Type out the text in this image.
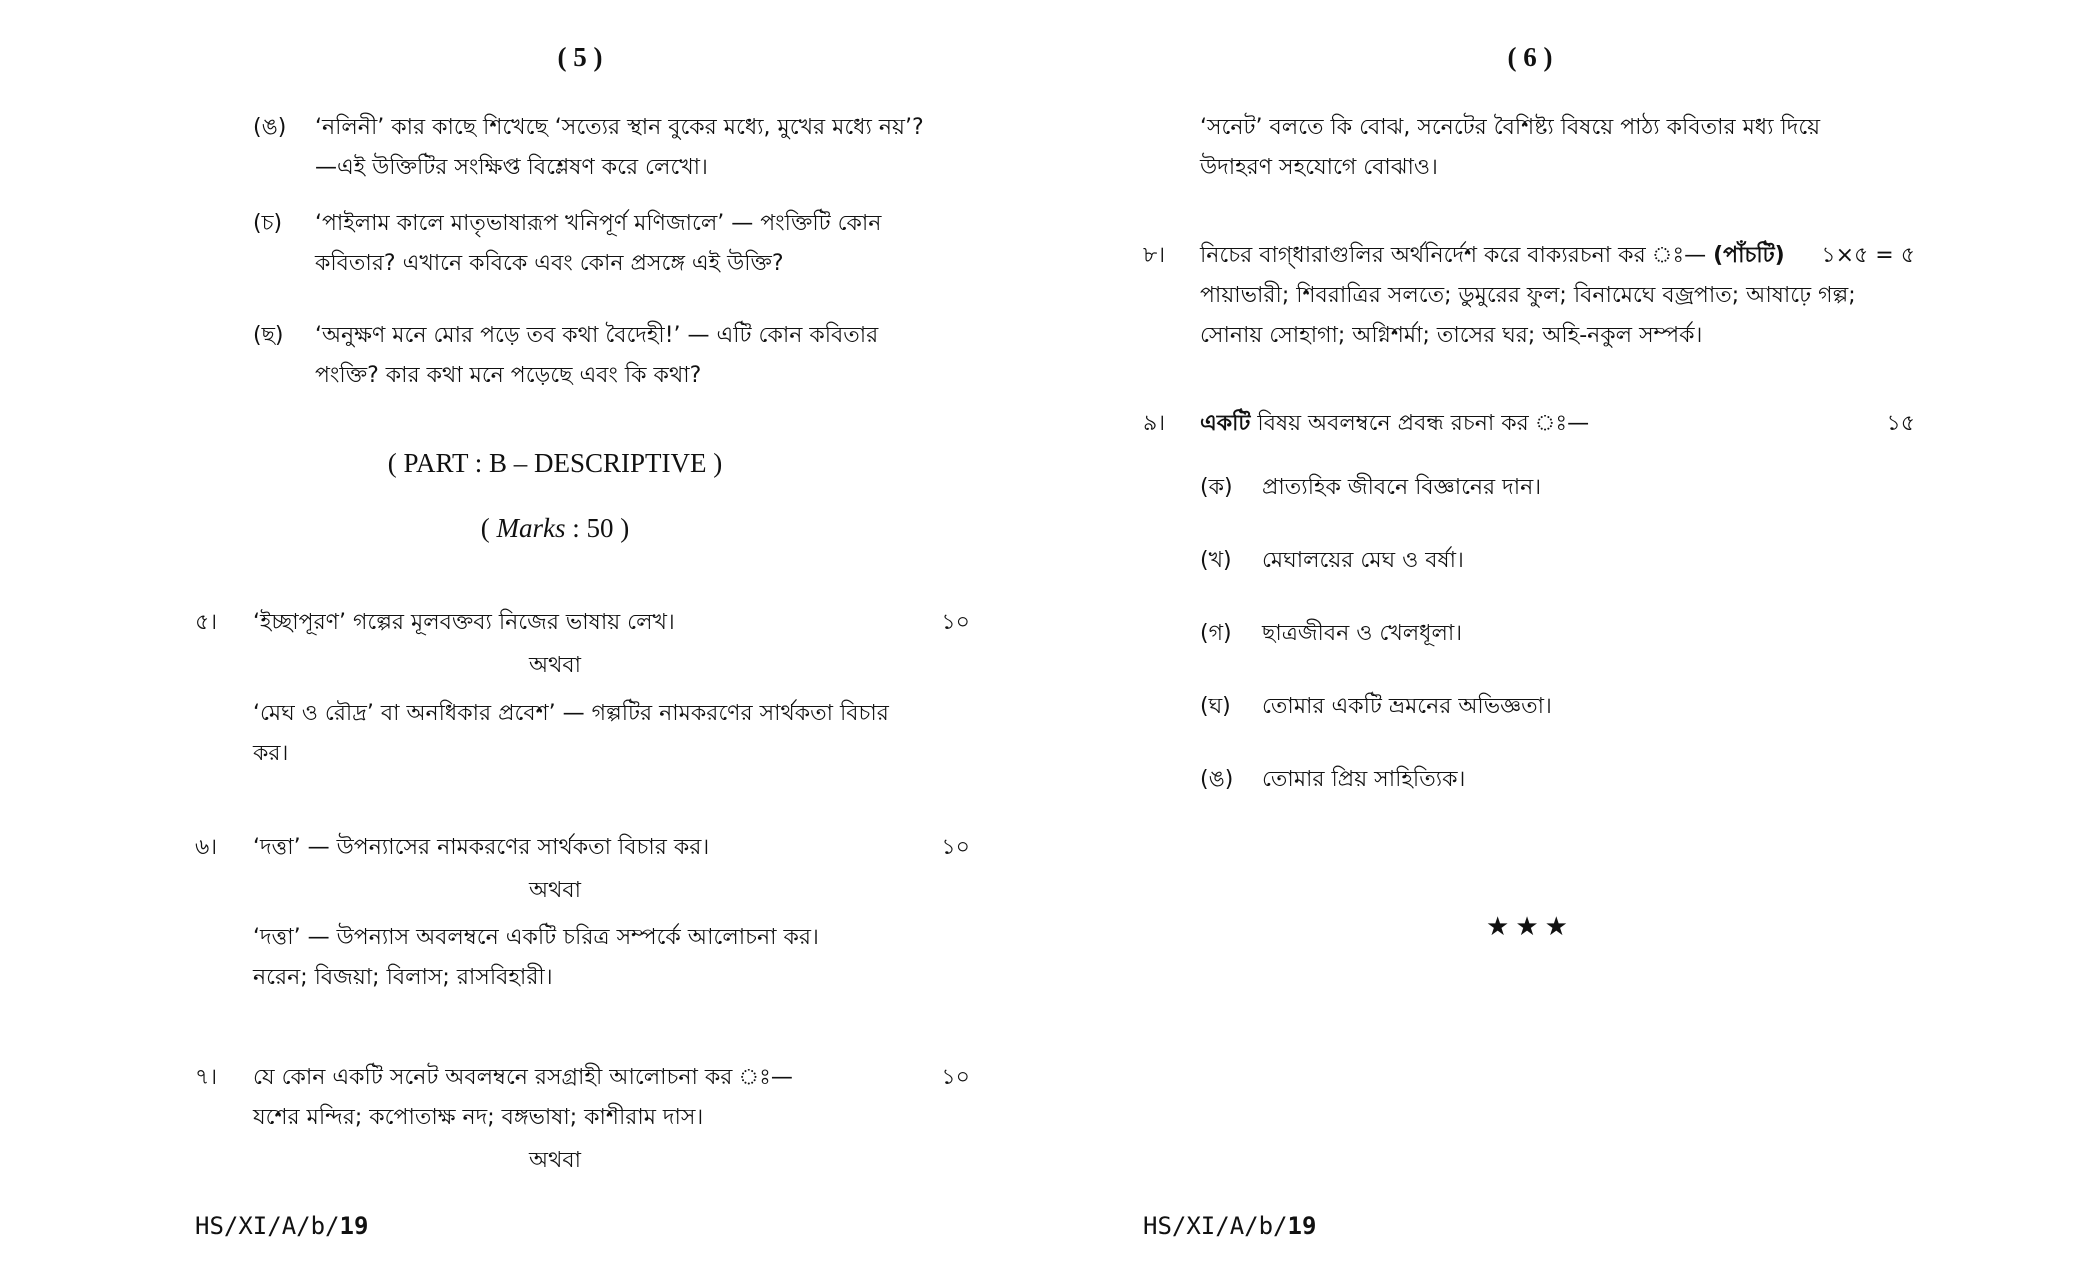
( 5 )
(ঙ) ‘নলিনী’ কার কাছে শিখেছে ‘সত্যের স্থান বুকের মধ্যে, মুখের মধ্যে নয়’?
—এই উক্তিটির সংক্ষিপ্ত বিশ্লেষণ করে লেখো।
(চ) ‘পাইলাম কালে মাতৃভাষারূপ খনিপূর্ণ মণিজালে’ — পংক্তিটি কোন
কবিতার? এখানে কবিকে এবং কোন প্রসঙ্গে এই উক্তি?
(ছ) ‘অনুক্ষণ মনে মোর পড়ে তব কথা বৈদেহী!’ — এটি কোন কবিতার
পংক্তি? কার কথা মনে পড়েছে এবং কি কথা?
( PART : B – DESCRIPTIVE )
( Marks : 50 )
৫। ‘ইচ্ছাপূরণ’ গল্পের মূলবক্তব্য নিজের ভাষায় লেখ।	১০
অথবা
‘মেঘ ও রৌদ্র’ বা অনধিকার প্রবেশ’ — গল্পটির নামকরণের সার্থকতা বিচার
কর।
৬। ‘দত্তা’ — উপন্যাসের নামকরণের সার্থকতা বিচার কর।	১০
অথবা
‘দত্তা’ — উপন্যাস অবলম্বনে একটি চরিত্র সম্পর্কে আলোচনা কর।
নরেন; বিজয়া; বিলাস; রাসবিহারী।
৭। যে কোন একটি সনেট অবলম্বনে রসগ্রাহী আলোচনা কর ঃ—	১০
যশের মন্দির; কপোতাক্ষ নদ; বঙ্গভাষা; কাশীরাম দাস।
অথবা
HS/XI/A/b/19
( 6 )
‘সনেট’ বলতে কি বোঝ, সনেটের বৈশিষ্ট্য বিষয়ে পাঠ্য কবিতার মধ্য দিয়ে
উদাহরণ সহযোগে বোঝাও।
৮। নিচের বাগ্‌ধারাগুলির অর্থনির্দেশ করে বাক্যরচনা কর ঃ— (পাঁচটি)	১×৫ = ৫
পায়াভারী; শিবরাত্রির সলতে; ডুমুরের ফুল; বিনামেঘে বজ্রপাত; আষাঢ়ে গল্প;
সোনায় সোহাগা; অগ্নিশর্মা; তাসের ঘর; অহি-নকুল সম্পর্ক।
৯। একটি বিষয় অবলম্বনে প্রবন্ধ রচনা কর ঃ—	১৫
(ক) প্রাত্যহিক জীবনে বিজ্ঞানের দান।
(খ) মেঘালয়ের মেঘ ও বর্ষা।
(গ) ছাত্রজীবন ও খেলধূলা।
(ঘ) তোমার একটি ভ্রমনের অভিজ্ঞতা।
(ঙ) তোমার প্রিয় সাহিত্যিক।
★★★
HS/XI/A/b/19
